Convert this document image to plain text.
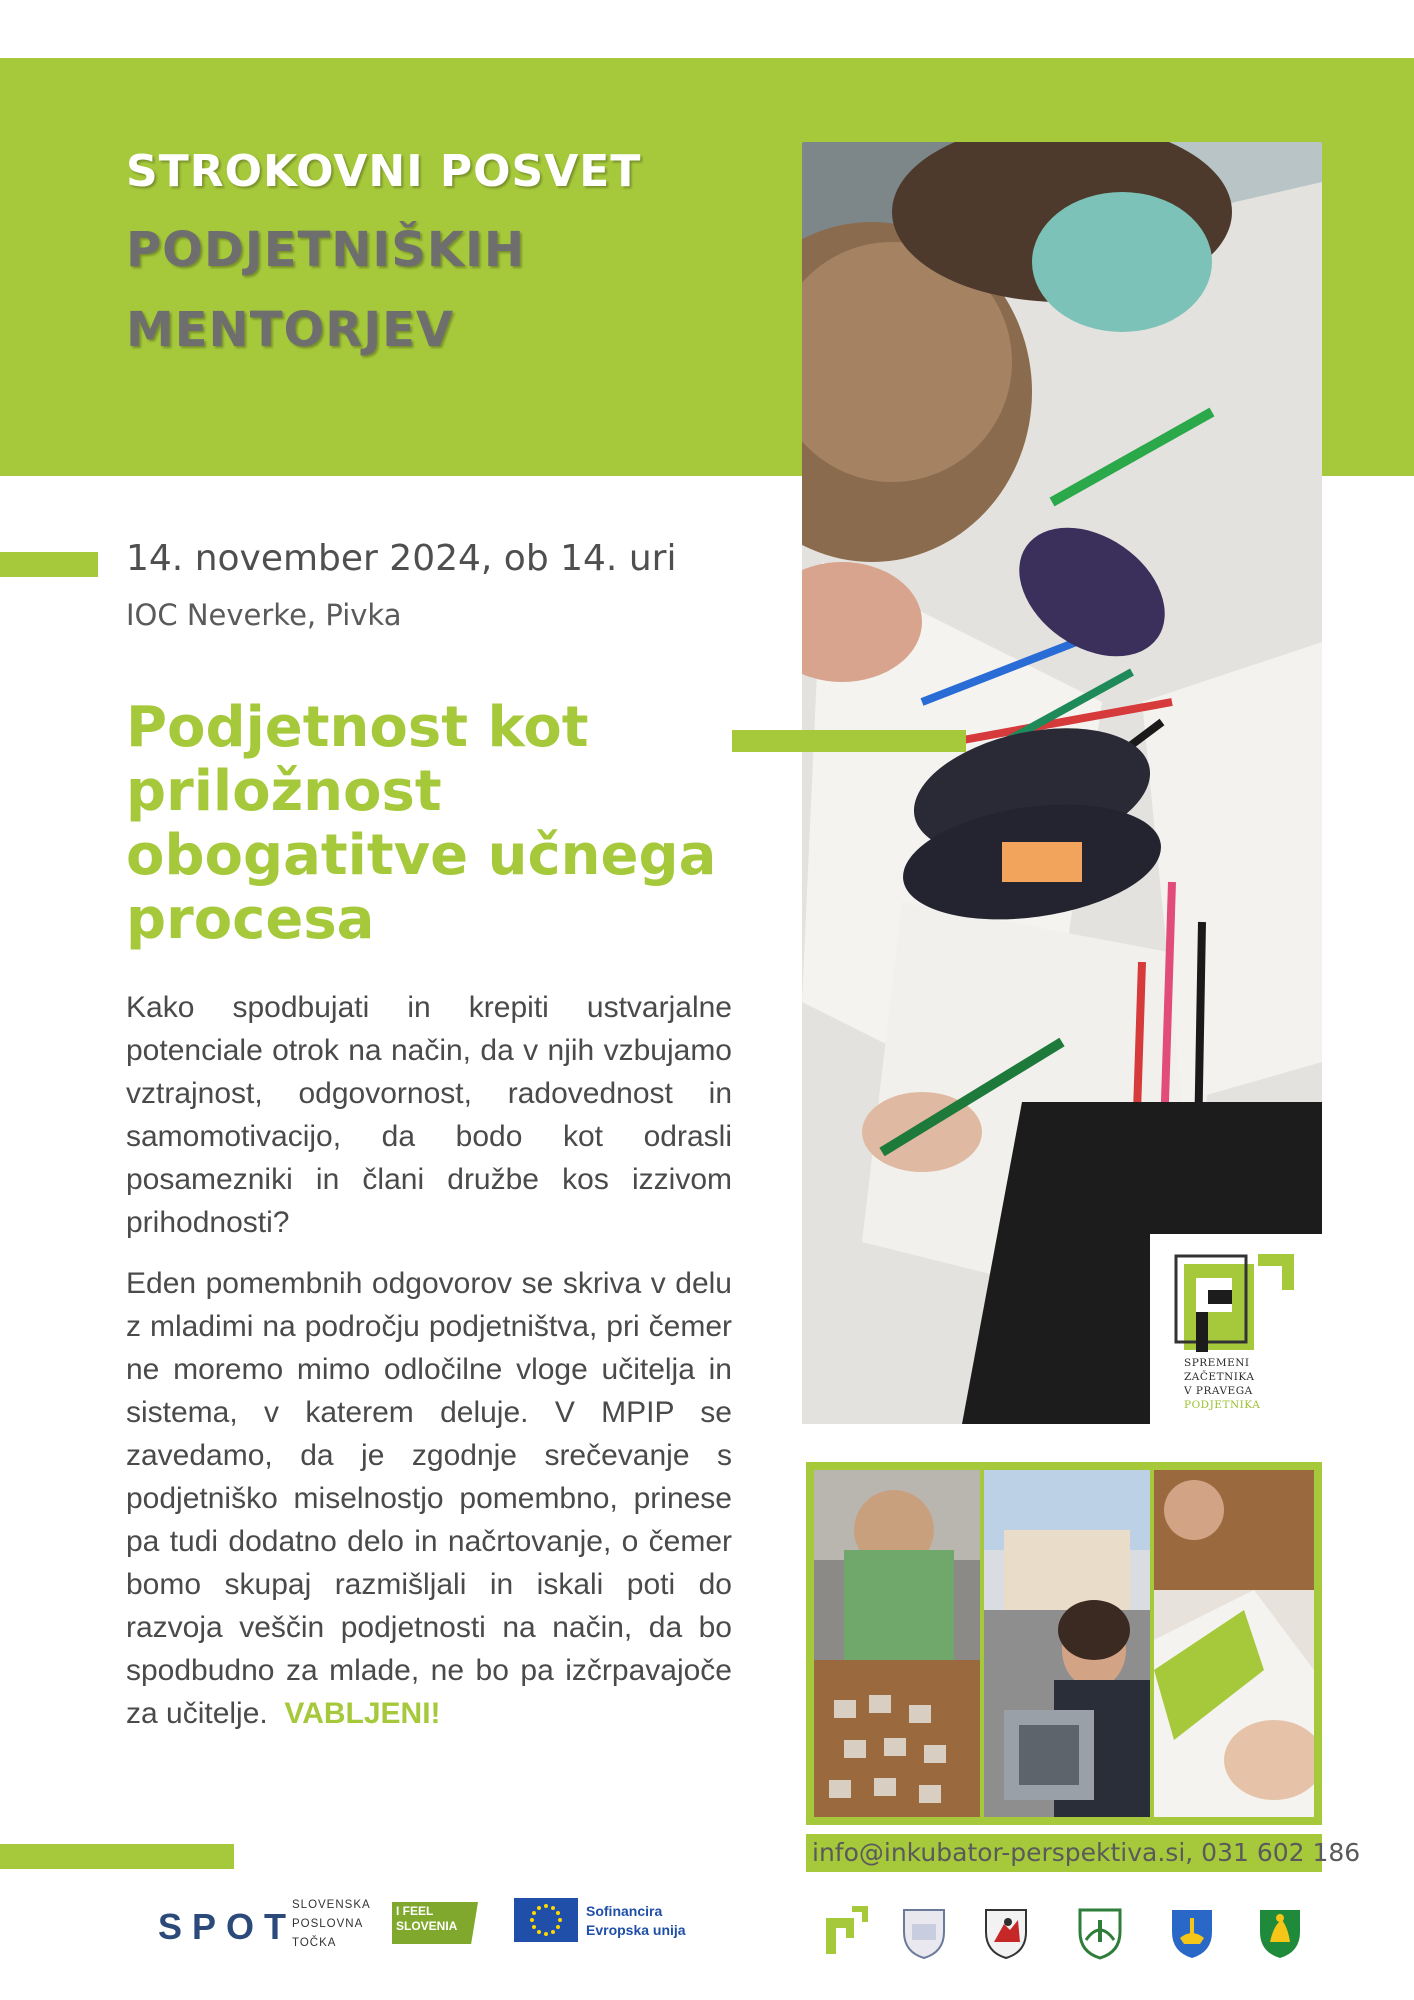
STROKOVNI POSVET
PODJETNIŠKIH
MENTORJEV
SPREMENI ZAČETNIKA
V PRAVEGA PODJETNIKA
14. november 2024, ob 14. uri
IOC Neverke, Pivka
Podjetnost kot priložnost obogatitve učnega procesa
Kako spodbujati in krepiti ustvarjalne potenciale otrok na način, da v njih vzbujamo vztrajnost, odgovornost, radovednost in samomotivacijo, da bodo kot odrasli posamezniki in člani družbe kos izzivom prihodnosti?
Eden pomembnih odgovorov se skriva v delu z mladimi na področju podjetništva, pri čemer ne moremo mimo odločilne vloge učitelja in sistema, v katerem deluje. V MPIP se zavedamo, da je zgodnje srečevanje s podjetniško miselnostjo pomembno, prinese pa tudi dodatno delo in načrtovanje, o čemer bomo skupaj razmišljali in iskali poti do razvoja veščin podjetnosti na način, da bo spodbudno za mlade, ne bo pa izčrpavajoče za učitelje. VABLJENI!
info@inkubator-perspektiva.si, 031 602 186
SPOT
SLOVENSKA
POSLOVNA
TOČKA
I FEEL
SLOVENIA
Sofinancira
Evropska unija
